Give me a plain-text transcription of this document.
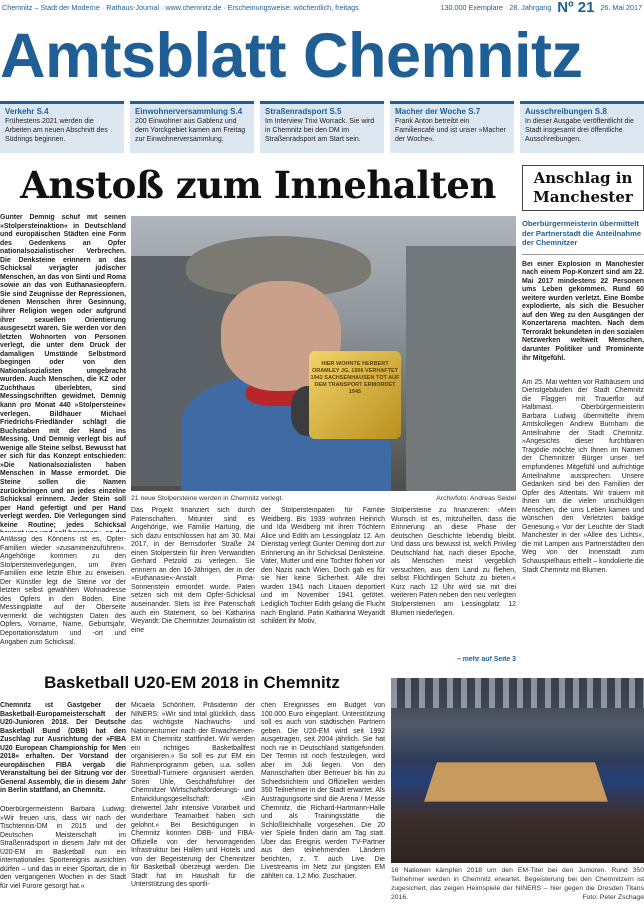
Chemnitz – Stadt der Moderne · Rathaus-Journal · www.chemnitz.de · Erscheinungsweise: wöchentlich, freitags	130.000 Exemplare · 28. Jahrgang Nº 21 26. Mai 2017
Amtsblatt Chemnitz
Verkehr S.4
Frühestens 2021 werden die Arbeiten am neuen Abschnitt des Südrings beginnen.
Einwohnerversammlung S.4
200 Einwohner aus Gablenz und dem Yorckgebiet kamen am Freitag zur Einwohnerversammlung.
Straßenradsport S.5
Im Interview Trixi Worrack. Sie wird in Chemnitz bei den DM im Straßenradsport am Start sein.
Macher der Woche S.7
Frank Anton betreibt ein Familiencafé und ist unser »Macher der Woche«.
Ausschreibungen S.8
In dieser Ausgabe veröffentlicht die Stadt insgesamt drei öffentliche Ausschreibungen.
Anstoß zum Innehalten
Gunter Demnig schuf mit seinen »Stolpersteinaktion« in Deutschland und europäischen Städten eine Form des Gedenkens an Opfer nationalsozialistischer Verbrechen. Die Denksteine erinnern an das Schicksal verjagter jüdischer Menschen, an das von Sinti und Roma sowie an das von Euthanasieopfern. Sie sind Zeugnisse der Repressionen, denen Menschen ihrer Gesinnung, ihrer Religion wegen oder aufgrund ihrer sexuellen Orientierung ausgesetzt waren. Sie werden vor den letzten Wohnorten von Personen verlegt, die unter dem Druck der damaligen Umstände Selbstmord begingen oder von den Nationalsozialisten umgebracht wurden. Auch Menschen, die KZ oder Zuchthaus überlebten, sind Messingschriften gewidmet. Demnig kann pro Monat 440 »Stolpersteine« verlegen. Bildhauer Michael Friedrichs-Friedländer schlägt die Buchstaben mit der Hand ins Messing. Und Demnig verlegt bis auf wenige alle Steine selbst. Bewusst hat er sich für das Konzept entschieden: »Die Nationalsozialisten haben Menschen in Masse ermordet. Die Steine sollen die Namen zurückbringen und an jedes einzelne Schicksal erinnern. Jeder Stein soll per Hand gefertigt und per Hand verlegt werden. Die Verlegungen sind keine Routine; jedes Schicksal
HIER WOHNTE HERBERT ORAMLEY JG. 1906 VERHAFTET 1942 SACHSENHAUSEN TOT AUF DEM TRANSPORT ERMORDET 1945
21 neue Stolpersteine werden in Chemnitz verlegt.	Archivfoto: Andreas Seidel
Anlässig des Könnens ist es, Opfer-Familien wieder »zusammenzuführen«. Angehörige kommen zu den Stolpersteinverlegungen, um ihren Familien eine letzte Ehre zu erweisen. Der Künstler legt die Steine vor der letzten selbst gewählten Wohnadresse des Opfers in den Boden. Eine Messingplatte auf der Oberseite vermerkt die wichtigsten Daten des Opfers, Vorname, Name, Geburtsjahr, Deportationsdatum und -ort und Angaben zum Schicksal.
Das Projekt finanziert sich durch Patenschaften. Mitunter sind es Angehörige, wie Familie Hartung, die sich dazu entschlossen hat am 30. Mai 2017, in der Bernsdorfer Straße 24 einen Stolperstein für ihren Verwandten Gerhard Petzold zu verlegen. Sie erinnern an den 16-Jährigen, der in der »Euthanasie«-Anstalt Pirna-Sonnenstein ermordet wurde. Paten setzen sich mit dem Opfer-Schicksal auseinander. Stets ist ihre Patenschaft auch ein Statement, so bei Katharina Weyandt: Die Chemnitzer Journalistin ist eine
der Stolpersteinpaten für Familie Weidberg. Bis 1939 wohnten Heinrich und Ida Weidberg mit ihren Töchtern Alice und Edith am Lessingplatz 12. Am Dienstag verlegt Gunter Demnig dort zur Erinnerung an ihr Schicksal Denksteine. Vater, Mutter und eine Tochter flohen vor den Nazis nach Wien. Doch gab es für sie hier keine Sicherheit. Alle drei wurden 1941 nach Litauen deportiert und im November 1941 getötet. Lediglich Tochter Edith gelang die Flucht nach England. Patin Katharina Weyandt schildert ihr Motiv,
Stolpersteine zu finanzieren: »Mein Wunsch ist es, mitzuhelfen, dass die Erinnerung an diese Phase der deutschen Geschichte lebendig bleibt. Und dass uns bewusst ist, welch Privileg Deutschland hat, nach dieser Epoche, als Menschen meist vergeblich versuchten, aus dem Land zu fliehen, selbst Flüchtlingen Schutz zu bieten.« Kurz nach 12 Uhr wird sie mit drei weiteren Paten neben den neu verlegten Stolpersteinen am Lessingplatz 12 Blumen niederlegen.
– mehr auf Seite 3
Anschlag in Manchester
Oberbürgermeisterin übermittelt der Partnerstadt die Anteilnahme der Chemnitzer
Bei einer Explosion in Manchester nach einem Pop-Konzert sind am 22. Mai 2017 mindestens 22 Personen ums Leben gekommen. Rund 60 weitere wurden verletzt. Eine Bombe explodierte, als sich die Besucher auf den Weg zu den Ausgängen der Konzertarena machten. Nach dem Terrorakt bekundeten in den sozialen Netzwerken weltweit Menschen, darunter Politiker und Prominente ihr Mitgefühl.
Am 25. Mai wehten vor Rathäusern und Dienstgebäuden der Stadt Chemnitz die Flaggen mit Trauerflor auf Halbmast. Oberbürgermeisterin Barbara Ludwig übermittelte ihrem Amtskollegen Andrew Burnham die Anteilnahme der Stadt Chemnitz. »Angesichts dieser furchtbaren Tragödie möchte ich Ihnen im Namen der Chemnitzer Bürger unser tief empfundenes Mitgefühl und aufrichtige Anteilnahme aussprechen. Unsere Gedanken sind bei den Familien der Opfer des Attentats. Wir trauern mit Ihnen um die vielen unschuldigen Menschen, die ums Leben kamen und wünschen den Verletzten baldige Genesung.« Vor der Leuchte der Stadt Manchester in der »Allee des Lichts«, die mit Lampen aus Partnerstädten den Weg von der Innenstadt zum Schauspielhaus erhellt – kondolierte die Stadt Chemnitz mit Blumen.
Basketball U20-EM 2018 in Chemnitz
Chemnitz ist Gastgeber der Basketball-Europameisterschaft der U20-Junioren 2018. Der Deutsche Basketball Bund (DBB) hat den Zuschlag zur Ausrichtung der »FIBA U20 European Championship for Men 2018« erhalten. Der Vorstand der europäischen FIBA vergab die Veranstaltung bei der Sitzung vor der General Assembly, die in diesem Jahr in Berlin stattfand, an Chemnitz.
Oberbürgermeisterin Barbara Ludwig: »Wir freuen uns, dass wir nach der Tischtennis-DM in 2015 und der Deutschen Meisterschaft im Straßenradsport in diesem Jahr mit der U20-EM im Basketball nun ein internationales Sportereignis ausrichten dürfen – und das in einer Sportart, die in den vergangenen Wochen in der Stadt für viel Furore gesorgt hat.«
Micaela Schönherr, Präsidentin der NINERS: »Wir sind total glücklich, dass das wichtigste Nachwuchs- und Nationenturnier nach der Erwachsenen-EM in Chemnitz stattfindet. Wir werden ein richtiges Basketballfest organisieren.« So soll es zur EM ein Rahmenprogramm geben, u.a. sollen Streetball-Turniere organisiert werden. Sören Uhle, Geschäftsführer der Chemnitzer Wirtschaftsförderungs- und Entwicklungsgesellschaft: »Ein dreiwertel Jahr intensive Vorarbeit und wunderbare Teamarbeit haben sich gelohnt.« Bei Besichtigungen in Chemnitz konnten DBB- und FIBA-Offizielle von der hervorragenden Infrastruktur bei Hallen und Hotels und von der Begeisterung der Chemnitzer für Basketball überzeugt werden. Die Stadt hat im Haushalt für die Unterstützung des sportli-
chen Ereignisses ein Budget von 100.000 Euro eingeplant. Unterstützung soll es auch von städtischen Partnern geben. Die U20-EM wird seit 1992 ausgetragen, seit 2004 jährlich. Sie hat noch nie in Deutschland stattgefunden. Der Termin ist noch festzulegen, wird aber im Juli liegen. Von den Mannschaften über Betreuer bis hin zu Schiedsrichtern und Offiziellen werden 350 Teilnehmer in der Stadt erwartet. Als Austragungsorte sind die Arena / Messe Chemnitz, die Richard-Hartmann-Halle und als Trainingsstätte die Schloßteichhalle vorgesehen. Die 20 vier Spiele finden dann am Tag statt. Über das Ereignis werden TV-Partner aus den teilnehmenden Ländern berichten, z. T. auch Live. Die Livestreams im Netz zur jüngsten EM zählten ca. 1,2 Mio. Zuschauer.
16 Nationen kämpfen 2018 um den EM-Titel bei den Junioren. Rund 350 Teilnehmer werden in Chemnitz erwartet. Begeisterung bei den Chemnitzern ist zugesichert, das zeigen Heimspiele der NINERS – hier gegen die Dresden Titans 2016.	Foto: Peter Zschage
